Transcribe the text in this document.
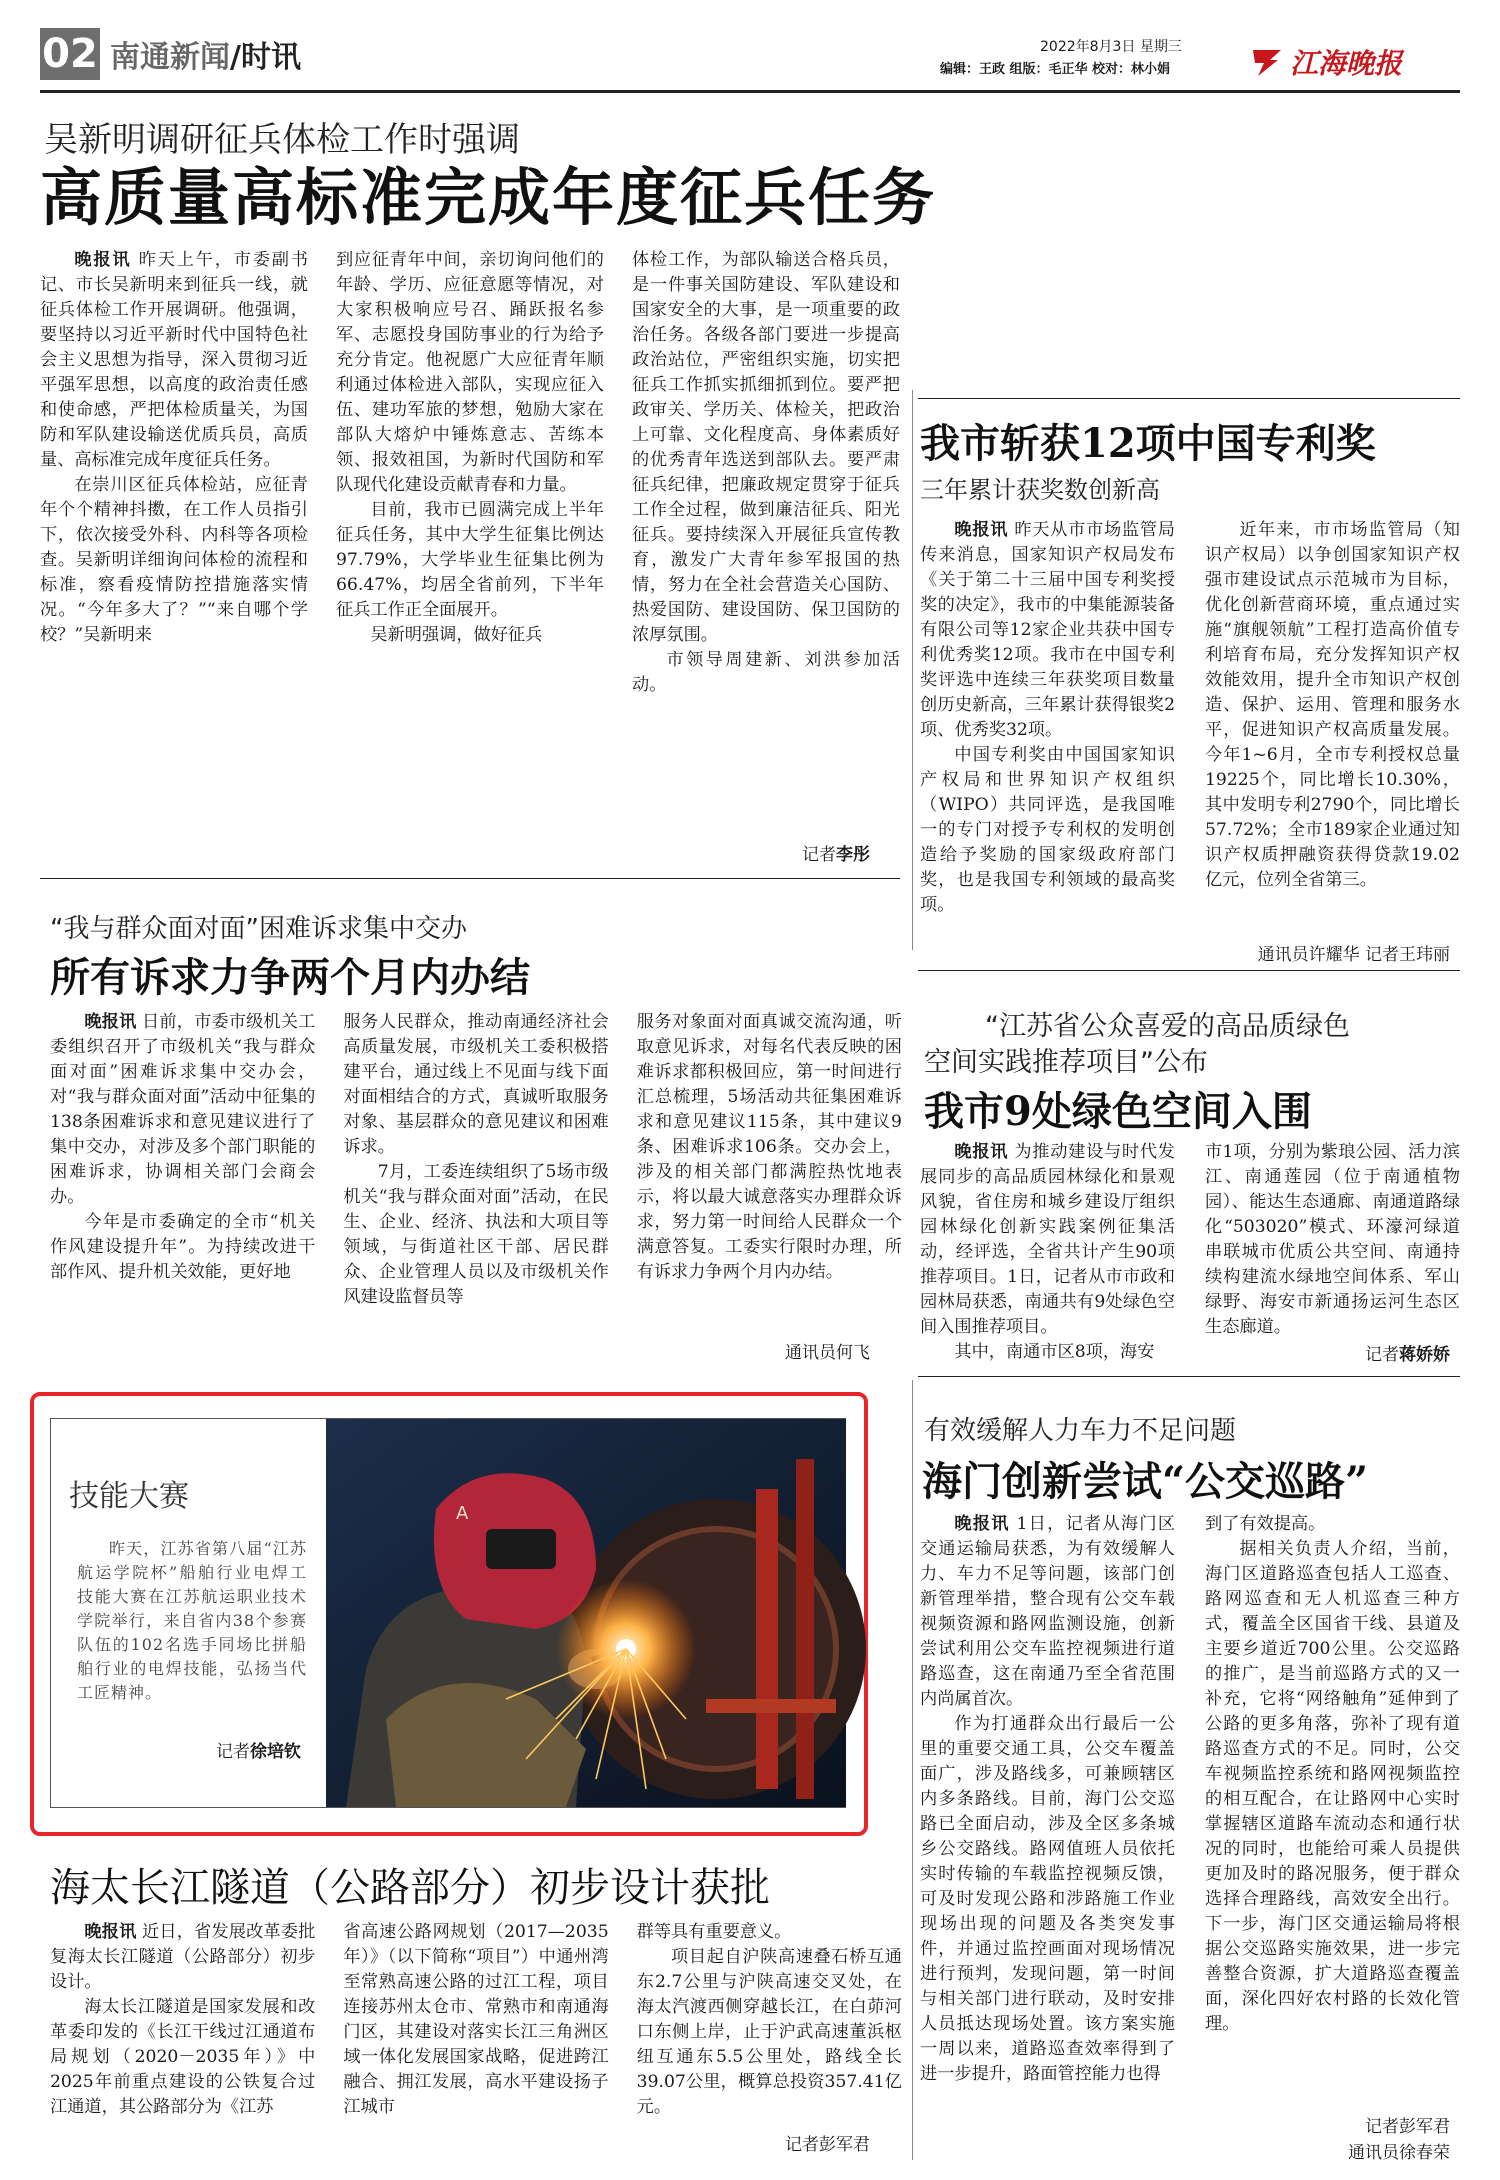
02 南通新闻/时讯	2022年8月3日 星期三
编辑：王政 组版：毛正华 校对：林小娟	江海晚报
吴新明调研征兵体检工作时强调
高质量高标准完成年度征兵任务

晚报讯 昨天上午，市委副书记、市长吴新明来到征兵一线，就征兵体检工作开展调研。他强调，要坚持以习近平新时代中国特色社会主义思想为指导，深入贯彻习近平强军思想，以高度的政治责任感和使命感，严把体检质量关，为国防和军队建设输送优质兵员，高质量、高标准完成年度征兵任务。

在崇川区征兵体检站，应征青年个个精神抖擞，在工作人员指引下，依次接受外科、内科等各项检查。吴新明详细询问体检的流程和标准，察看疫情防控措施落实情况。“今年多大了？”“来自哪个学校？”吴新明来

到应征青年中间，亲切询问他们的年龄、学历、应征意愿等情况，对大家积极响应号召、踊跃报名参军、志愿投身国防事业的行为给予充分肯定。他祝愿广大应征青年顺利通过体检进入部队，实现应征入伍、建功军旅的梦想，勉励大家在部队大熔炉中锤炼意志、苦练本领、报效祖国，为新时代国防和军队现代化建设贡献青春和力量。

目前，我市已圆满完成上半年征兵任务，其中大学生征集比例达97.79%，大学毕业生征集比例为66.47%，均居全省前列，下半年征兵工作正全面展开。

吴新明强调，做好征兵

体检工作，为部队输送合格兵员，是一件事关国防建设、军队建设和国家安全的大事，是一项重要的政治任务。各级各部门要进一步提高政治站位，严密组织实施，切实把征兵工作抓实抓细抓到位。要严把政审关、学历关、体检关，把政治上可靠、文化程度高、身体素质好的优秀青年选送到部队去。要严肃征兵纪律，把廉政规定贯穿于征兵工作全过程，做到廉洁征兵、阳光征兵。要持续深入开展征兵宣传教育，激发广大青年参军报国的热情，努力在全社会营造关心国防、热爱国防、建设国防、保卫国防的浓厚氛围。

市领导周建新、刘洪参加活动。

记者李彤
我市斩获12项中国专利奖
三年累计获奖数创新高

晚报讯 昨天从市市场监管局传来消息，国家知识产权局发布《关于第二十三届中国专利奖授奖的决定》，我市的中集能源装备有限公司等12家企业共获中国专利优秀奖12项。我市在中国专利奖评选中连续三年获奖项目数量创历史新高，三年累计获得银奖2项、优秀奖32项。

中国专利奖由中国国家知识产权局和世界知识产权组织（WIPO）共同评选，是我国唯一的专门对授予专利权的发明创造给予奖励的国家级政府部门奖，也是我国专利领域的最高奖项。

近年来，市市场监管局（知识产权局）以争创国家知识产权强市建设试点示范城市为目标，优化创新营商环境，重点通过实施“旗舰领航”工程打造高价值专利培育布局，充分发挥知识产权效能效用，提升全市知识产权创造、保护、运用、管理和服务水平，促进知识产权高质量发展。今年1~6月，全市专利授权总量19225个，同比增长10.30%，其中发明专利2790个，同比增长57.72%；全市189家企业通过知识产权质押融资获得贷款19.02亿元，位列全省第三。

通讯员许耀华 记者王玮丽
“我与群众面对面”困难诉求集中交办
所有诉求力争两个月内办结

晚报讯 日前，市委市级机关工委组织召开了市级机关“我与群众面对面”困难诉求集中交办会，对“我与群众面对面”活动中征集的138条困难诉求和意见建议进行了集中交办，对涉及多个部门职能的困难诉求，协调相关部门会商会办。

今年是市委确定的全市“机关作风建设提升年”。为持续改进干部作风、提升机关效能，更好地

服务人民群众，推动南通经济社会高质量发展，市级机关工委积极搭建平台，通过线上不见面与线下面对面相结合的方式，真诚听取服务对象、基层群众的意见建议和困难诉求。

7月，工委连续组织了5场市级机关“我与群众面对面”活动，在民生、企业、经济、执法和大项目等领域，与街道社区干部、居民群众、企业管理人员以及市级机关作风建设监督员等

服务对象面对面真诚交流沟通，听取意见诉求，对每名代表反映的困难诉求都积极回应，第一时间进行汇总梳理，5场活动共征集困难诉求和意见建议115条，其中建议9条、困难诉求106条。交办会上，涉及的相关部门都满腔热忱地表示，将以最大诚意落实办理群众诉求，努力第一时间给人民群众一个满意答复。工委实行限时办理，所有诉求力争两个月内办结。

通讯员何飞
“江苏省公众喜爱的高品质绿色
空间实践推荐项目”公布
我市9处绿色空间入围

晚报讯 为推动建设与时代发展同步的高品质园林绿化和景观风貌，省住房和城乡建设厅组织园林绿化创新实践案例征集活动，经评选，全省共计产生90项推荐项目。1日，记者从市市政和园林局获悉，南通共有9处绿色空间入围推荐项目。

其中，南通市区8项，海安

市1项，分别为紫琅公园、活力滨江、南通莲园（位于南通植物园）、能达生态通廊、南通道路绿化“503020”模式、环濠河绿道串联城市优质公共空间、南通持续构建流水绿地空间体系、军山绿野、海安市新通扬运河生态区生态廊道。

记者蒋娇娇
技能大赛
昨天，江苏省第八届“江苏航运学院杯”船舶行业电焊工技能大赛在江苏航运职业技术学院举行，来自省内38个参赛队伍的102名选手同场比拼船舶行业的电焊技能，弘扬当代工匠精神。
记者徐培钦
A
有效缓解人力车力不足问题
海门创新尝试“公交巡路”

晚报讯 1日，记者从海门区交通运输局获悉，为有效缓解人力、车力不足等问题，该部门创新管理举措，整合现有公交车载视频资源和路网监测设施，创新尝试利用公交车监控视频进行道路巡查，这在南通乃至全省范围内尚属首次。

作为打通群众出行最后一公里的重要交通工具，公交车覆盖面广，涉及路线多，可兼顾辖区内多条路线。目前，海门公交巡路已全面启动，涉及全区多条城乡公交路线。路网值班人员依托实时传输的车载监控视频反馈，可及时发现公路和涉路施工作业现场出现的问题及各类突发事件，并通过监控画面对现场情况进行预判，发现问题，第一时间与相关部门进行联动，及时安排人员抵达现场处置。该方案实施一周以来，道路巡查效率得到了进一步提升，路面管控能力也得

到了有效提高。

据相关负责人介绍，当前，海门区道路巡查包括人工巡查、路网巡查和无人机巡查三种方式，覆盖全区国省干线、县道及主要乡道近700公里。公交巡路的推广，是当前巡路方式的又一补充，它将“网络触角”延伸到了公路的更多角落，弥补了现有道路巡查方式的不足。同时，公交车视频监控系统和路网视频监控的相互配合，在让路网中心实时掌握辖区道路车流动态和通行状况的同时，也能给可乘人员提供更加及时的路况服务，便于群众选择合理路线，高效安全出行。下一步，海门区交通运输局将根据公交巡路实施效果，进一步完善整合资源，扩大道路巡查覆盖面，深化四好农村路的长效化管理。

记者彭军君
通讯员徐春荣
海太长江隧道（公路部分）初步设计获批

晚报讯 近日，省发展改革委批复海太长江隧道（公路部分）初步设计。

海太长江隧道是国家发展和改革委印发的《长江干线过江通道布局规划（2020－2035年）》中2025年前重点建设的公铁复合过江通道，其公路部分为《江苏

省高速公路网规划（2017—2035年）》（以下简称“项目”）中通州湾至常熟高速公路的过江工程，项目连接苏州太仓市、常熟市和南通海门区，其建设对落实长江三角洲区域一体化发展国家战略，促进跨江融合、拥江发展，高水平建设扬子江城市

群等具有重要意义。

项目起自沪陕高速叠石桥互通东2.7公里与沪陕高速交叉处，在海太汽渡西侧穿越长江，在白茆河口东侧上岸，止于沪武高速董浜枢纽互通东5.5公里处，路线全长39.07公里，概算总投资357.41亿元。

记者彭军君
